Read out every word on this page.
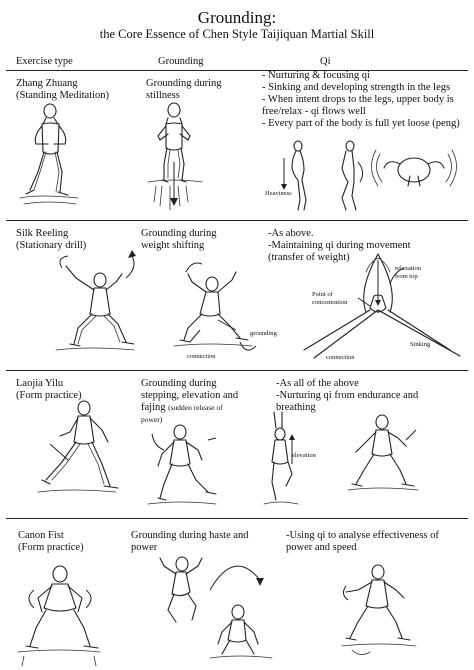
Grounding:
the Core Essence of Chen Style Taijiquan Martial Skill
Exercise type	Grounding	Qi
Zhang Zhuang
(Standing Meditation)
Grounding during
stillness
- Nurturing & focusing qi
- Sinking and developing strength in the legs
- When intent drops to the legs, upper body is
free/relax - qi flows well
- Every part of the body is full yet loose (peng)
Heaviness
Silk Reeling
(Stationary drill)
Grounding during
weight shifting
-As above.
-Maintaining qi during movement
(transfer of weight)
grounding
connection
relaxation
from top
Point of
concentration
connection
Sinking
Laojia Yilu
(Form practice)
Grounding during
stepping, elevation and
fajing (sudden release of
power)
-As all of the above
-Nurturing qi from endurance and
breathing
elevation
Canon Fist
(Form practice)
Grounding during haste and
power
-Using qi to analyse effectiveness of
power and speed
